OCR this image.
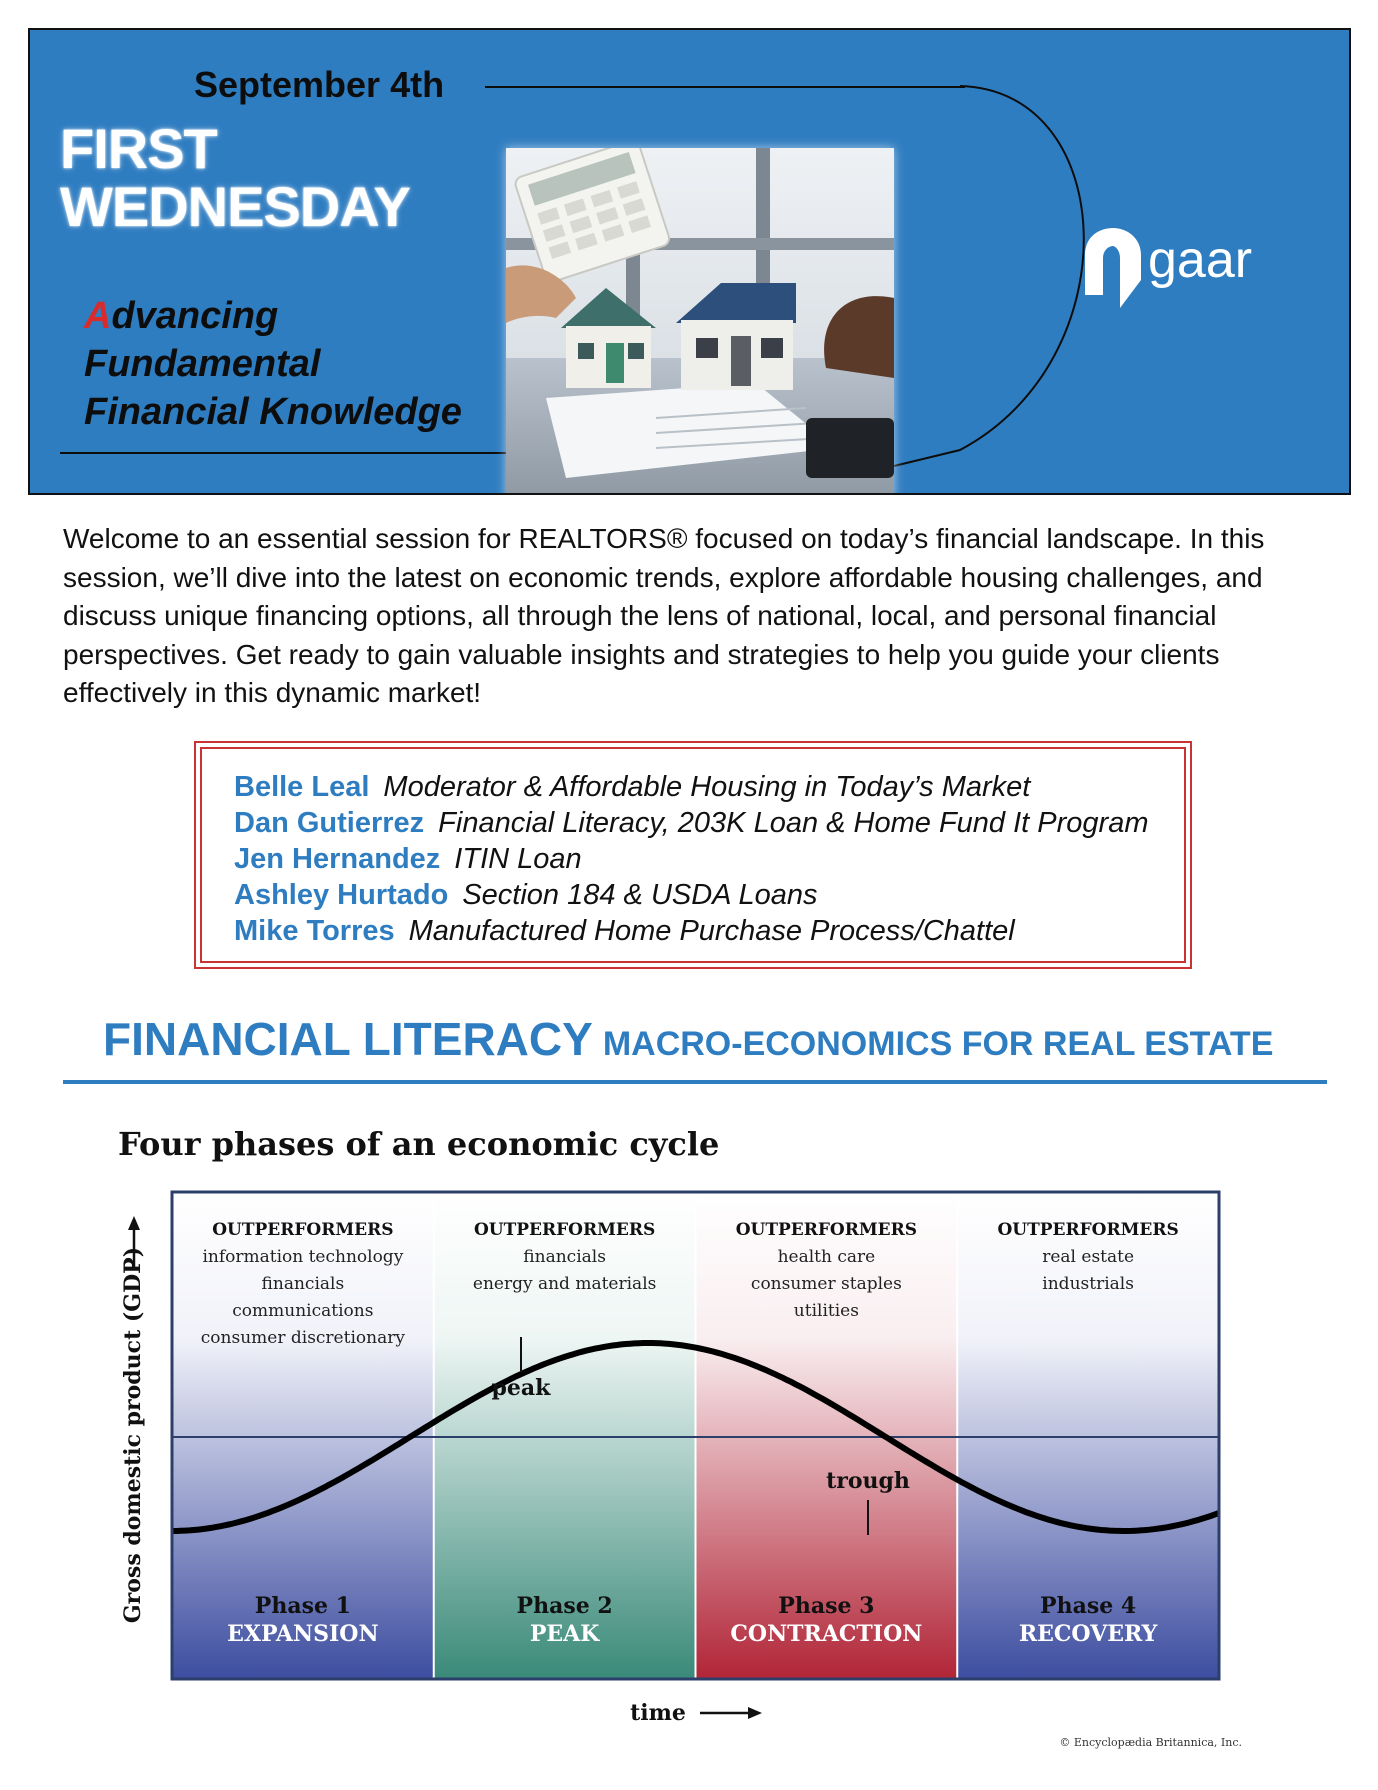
September 4th
FIRST
WEDNESDAY
Advancing
Fundamental
Financial Knowledge
gaar

Welcome to an essential session for REALTORS® focused on today’s financial landscape. In this session, we’ll dive into the latest on economic trends, explore affordable housing challenges, and discuss unique financing options, all through the lens of national, local, and personal financial perspectives. Get ready to gain valuable insights and strategies to help you guide your clients effectively in this dynamic market!

Belle Leal Moderator & Affordable Housing in Today’s Market
Dan Gutierrez Financial Literacy, 203K Loan & Home Fund It Program
Jen Hernandez ITIN Loan
Ashley Hurtado Section 184 & USDA Loans
Mike Torres Manufactured Home Purchase Process/Chattel
FINANCIAL LITERACY MACRO-ECONOMICS FOR REAL ESTATE
Four phases of an economic cycle
OUTPERFORMERS
information technology
financials
communications
consumer discretionary
Phase 1
EXPANSION
OUTPERFORMERS
financials
energy and materials
Phase 2
PEAK
OUTPERFORMERS
health care
consumer staples
utilities
Phase 3
CONTRACTION
OUTPERFORMERS
real estate
industrials
Phase 4
RECOVERY
peak
trough
Gross domestic product (GDP)
time
© Encyclopædia Britannica, Inc.
